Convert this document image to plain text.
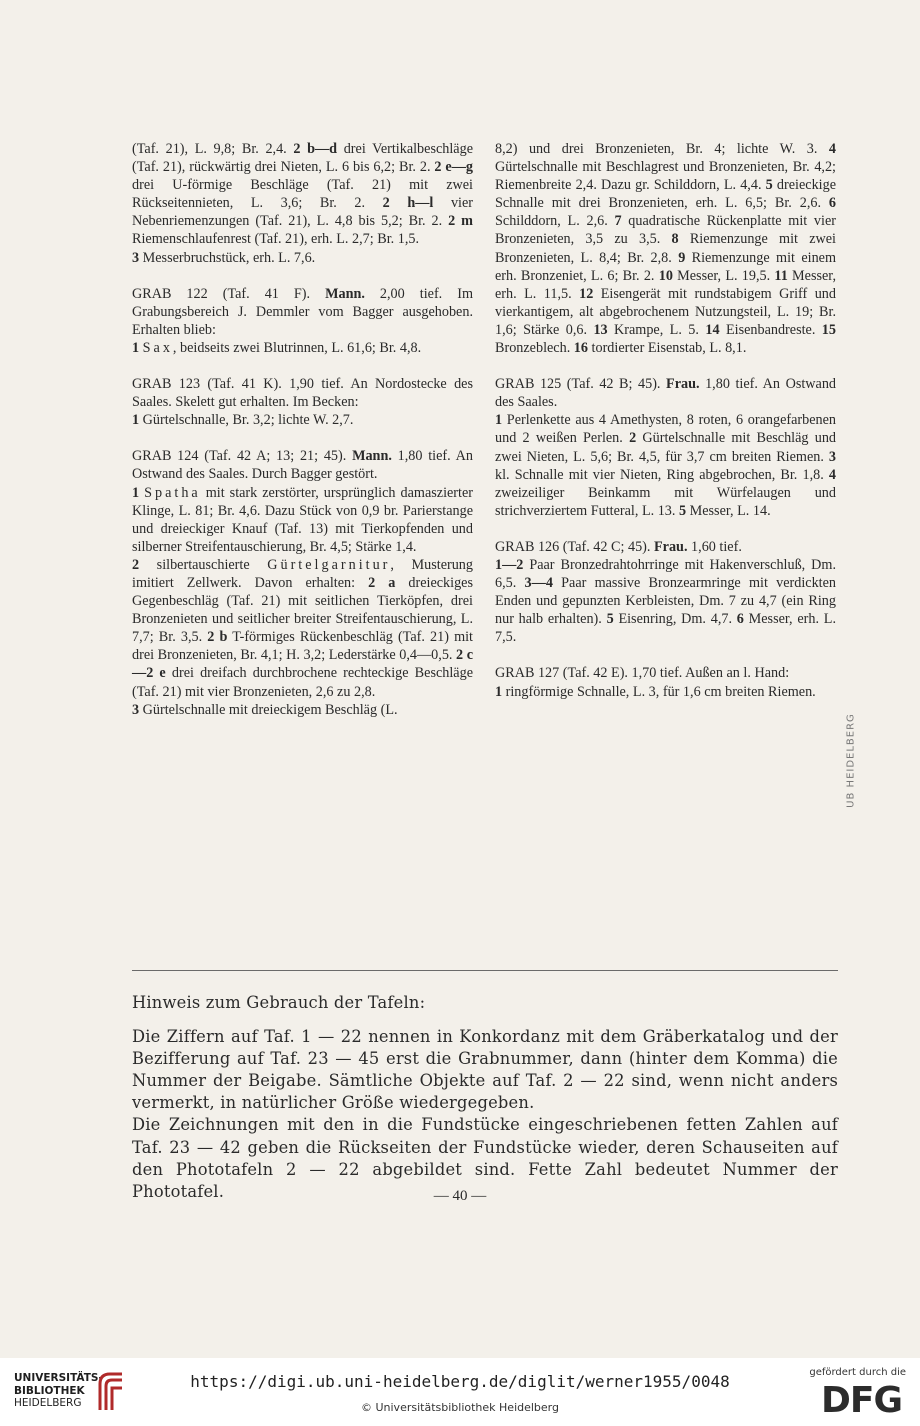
(Taf. 21), L. 9,8; Br. 2,4. 2 b—d drei Vertikalbeschläge (Taf. 21), rückwärtig drei Nieten, L. 6 bis 6,2; Br. 2. 2 e—g drei U-förmige Beschläge (Taf. 21) mit zwei Rückseitennieten, L. 3,6; Br. 2. 2 h—l vier Nebenriemenzungen (Taf. 21), L. 4,8 bis 5,2; Br. 2. 2 m Riemenschlaufenrest (Taf. 21), erh. L. 2,7; Br. 1,5.

3 Messerbruchstück, erh. L. 7,6.

GRAB 122 (Taf. 41 F). Mann. 2,00 tief. Im Grabungsbereich J. Demmler vom Bagger ausgehoben. Erhalten blieb:

1 Sax, beidseits zwei Blutrinnen, L. 61,6; Br. 4,8.

GRAB 123 (Taf. 41 K). 1,90 tief. An Nordostecke des Saales. Skelett gut erhalten. Im Becken:

1 Gürtelschnalle, Br. 3,2; lichte W. 2,7.

GRAB 124 (Taf. 42 A; 13; 21; 45). Mann. 1,80 tief. An Ostwand des Saales. Durch Bagger gestört.

1 Spatha mit stark zerstörter, ursprünglich damaszierter Klinge, L. 81; Br. 4,6. Dazu Stück von 0,9 br. Parierstange und dreieckiger Knauf (Taf. 13) mit Tierkopfenden und silberner Streifentauschierung, Br. 4,5; Stärke 1,4.

2 silbertauschierte Gürtelgarnitur, Musterung imitiert Zellwerk. Davon erhalten: 2 a dreieckiges Gegenbeschläg (Taf. 21) mit seitlichen Tierköpfen, drei Bronzenieten und seitlicher breiter Streifentauschierung, L. 7,7; Br. 3,5. 2 b T-förmiges Rückenbeschläg (Taf. 21) mit drei Bronzenieten, Br. 4,1; H. 3,2; Lederstärke 0,4—0,5. 2 c—2 e drei dreifach durchbrochene rechteckige Beschläge (Taf. 21) mit vier Bronzenieten, 2,6 zu 2,8.

3 Gürtelschnalle mit dreieckigem Beschläg (L.

8,2) und drei Bronzenieten, Br. 4; lichte W. 3. 4 Gürtelschnalle mit Beschlagrest und Bronzenieten, Br. 4,2; Riemenbreite 2,4. Dazu gr. Schilddorn, L. 4,4. 5 dreieckige Schnalle mit drei Bronzenieten, erh. L. 6,5; Br. 2,6. 6 Schilddorn, L. 2,6. 7 quadratische Rückenplatte mit vier Bronzenieten, 3,5 zu 3,5. 8 Riemenzunge mit zwei Bronzenieten, L. 8,4; Br. 2,8. 9 Riemenzunge mit einem erh. Bronzeniet, L. 6; Br. 2. 10 Messer, L. 19,5. 11 Messer, erh. L. 11,5. 12 Eisengerät mit rundstabigem Griff und vierkantigem, alt abgebrochenem Nutzungsteil, L. 19; Br. 1,6; Stärke 0,6. 13 Krampe, L. 5. 14 Eisenbandreste. 15 Bronzeblech. 16 tordierter Eisenstab, L. 8,1.

GRAB 125 (Taf. 42 B; 45). Frau. 1,80 tief. An Ostwand des Saales.

1 Perlenkette aus 4 Amethysten, 8 roten, 6 orangefarbenen und 2 weißen Perlen. 2 Gürtelschnalle mit Beschläg und zwei Nieten, L. 5,6; Br. 4,5, für 3,7 cm breiten Riemen. 3 kl. Schnalle mit vier Nieten, Ring abgebrochen, Br. 1,8. 4 zweizeiliger Beinkamm mit Würfelaugen und strichverziertem Futteral, L. 13. 5 Messer, L. 14.

GRAB 126 (Taf. 42 C; 45). Frau. 1,60 tief.

1—2 Paar Bronzedrahtohrringe mit Hakenverschluß, Dm. 6,5. 3—4 Paar massive Bronzearmringe mit verdickten Enden und gepunzten Kerbleisten, Dm. 7 zu 4,7 (ein Ring nur halb erhalten). 5 Eisenring, Dm. 4,7. 6 Messer, erh. L. 7,5.

GRAB 127 (Taf. 42 E). 1,70 tief. Außen an l. Hand:

1 ringförmige Schnalle, L. 3, für 1,6 cm breiten Riemen.

Hinweis zum Gebrauch der Tafeln:

Die Ziffern auf Taf. 1 — 22 nennen in Konkordanz mit dem Gräberkatalog und der Bezifferung auf Taf. 23 — 45 erst die Grabnummer, dann (hinter dem Komma) die Nummer der Beigabe. Sämtliche Objekte auf Taf. 2 — 22 sind, wenn nicht anders vermerkt, in natürlicher Größe wiedergegeben.

Die Zeichnungen mit den in die Fundstücke eingeschriebenen fetten Zahlen auf Taf. 23 — 42 geben die Rückseiten der Fundstücke wieder, deren Schauseiten auf den Phototafeln 2 — 22 abgebildet sind. Fette Zahl bedeutet Nummer der Phototafel.	— 40 —
UB HEIDELBERG
UNIVERSITÄTS-
BIBLIOTHEK
HEIDELBERG
https://digi.ub.uni-heidelberg.de/diglit/werner1955/0048
© Universitätsbibliothek Heidelberg
gefördert durch die
DFG
